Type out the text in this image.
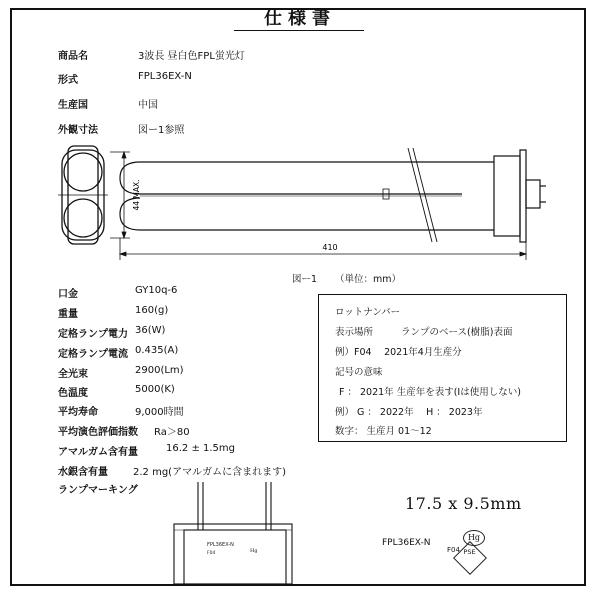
仕様書
商品名	3波長 昼白色FPL蛍光灯
形式	FPL36EX-N
生産国	中国
外観寸法	図ー1参照
44 MAX.
410
図ー1 （単位：mm）
口金	GY10q-6
重量	160(g)
定格ランプ電力 36(W)
定格ランプ電流 0.435(A)
全光束	2900(Lm)
色温度	5000(K)
平均寿命	9,000時間
平均演色評価指数 Ra＞80
アマルガム含有量	16.2 ± 1.5mg
水銀含有量	2.2 mg(アマルガムに含まれます)
ランプマーキング
ロットナンバー
表示場所	ランプのベース(樹脂)表面
例）F04　 2021年4月生産分
記号の意味
F ： 2021年 生産年を表す(Iは使用しない)
例） G ： 2022年　 H ： 2023年
数字： 生産月 01～12
FPL36EX-N
F04	Hg
17.5 x 9.5mm
FPL36EX-N
F04
Hg
PSE
